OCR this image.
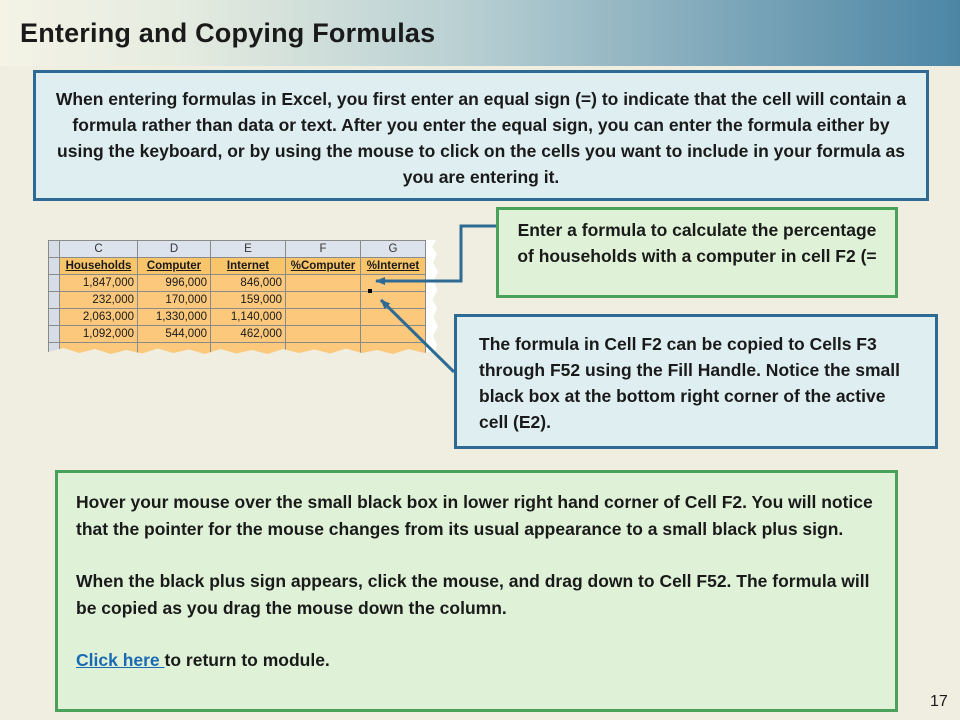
Entering and Copying Formulas
When entering formulas in Excel, you first enter an equal sign (=) to indicate that the cell will contain a formula rather than data or text. After you enter the equal sign, you can enter the formula either by using the keyboard, or by using the mouse to click on the cells you want to include in your formula as you are entering it.
	C	D	E	F	G
	Households	Computer	Internet	%Computer	%Internet
	1,847,000	996,000	846,000		
	232,000	170,000	159,000		
	2,063,000	1,330,000	1,140,000		
	1,092,000	544,000	462,000		

Enter a formula to calculate the percentage of households with a computer in cell F2 (=
The formula in Cell F2 can be copied to Cells F3 through F52 using the Fill Handle. Notice the small black box at the bottom right corner of the active cell (E2).

Hover your mouse over the small black box in lower right hand corner of Cell F2. You will notice that the pointer for the mouse changes from its usual appearance to a small black plus sign.

When the black plus sign appears, click the mouse, and drag down to Cell F52. The formula will be copied as you drag the mouse down the column.

Click here to return to module.

17
